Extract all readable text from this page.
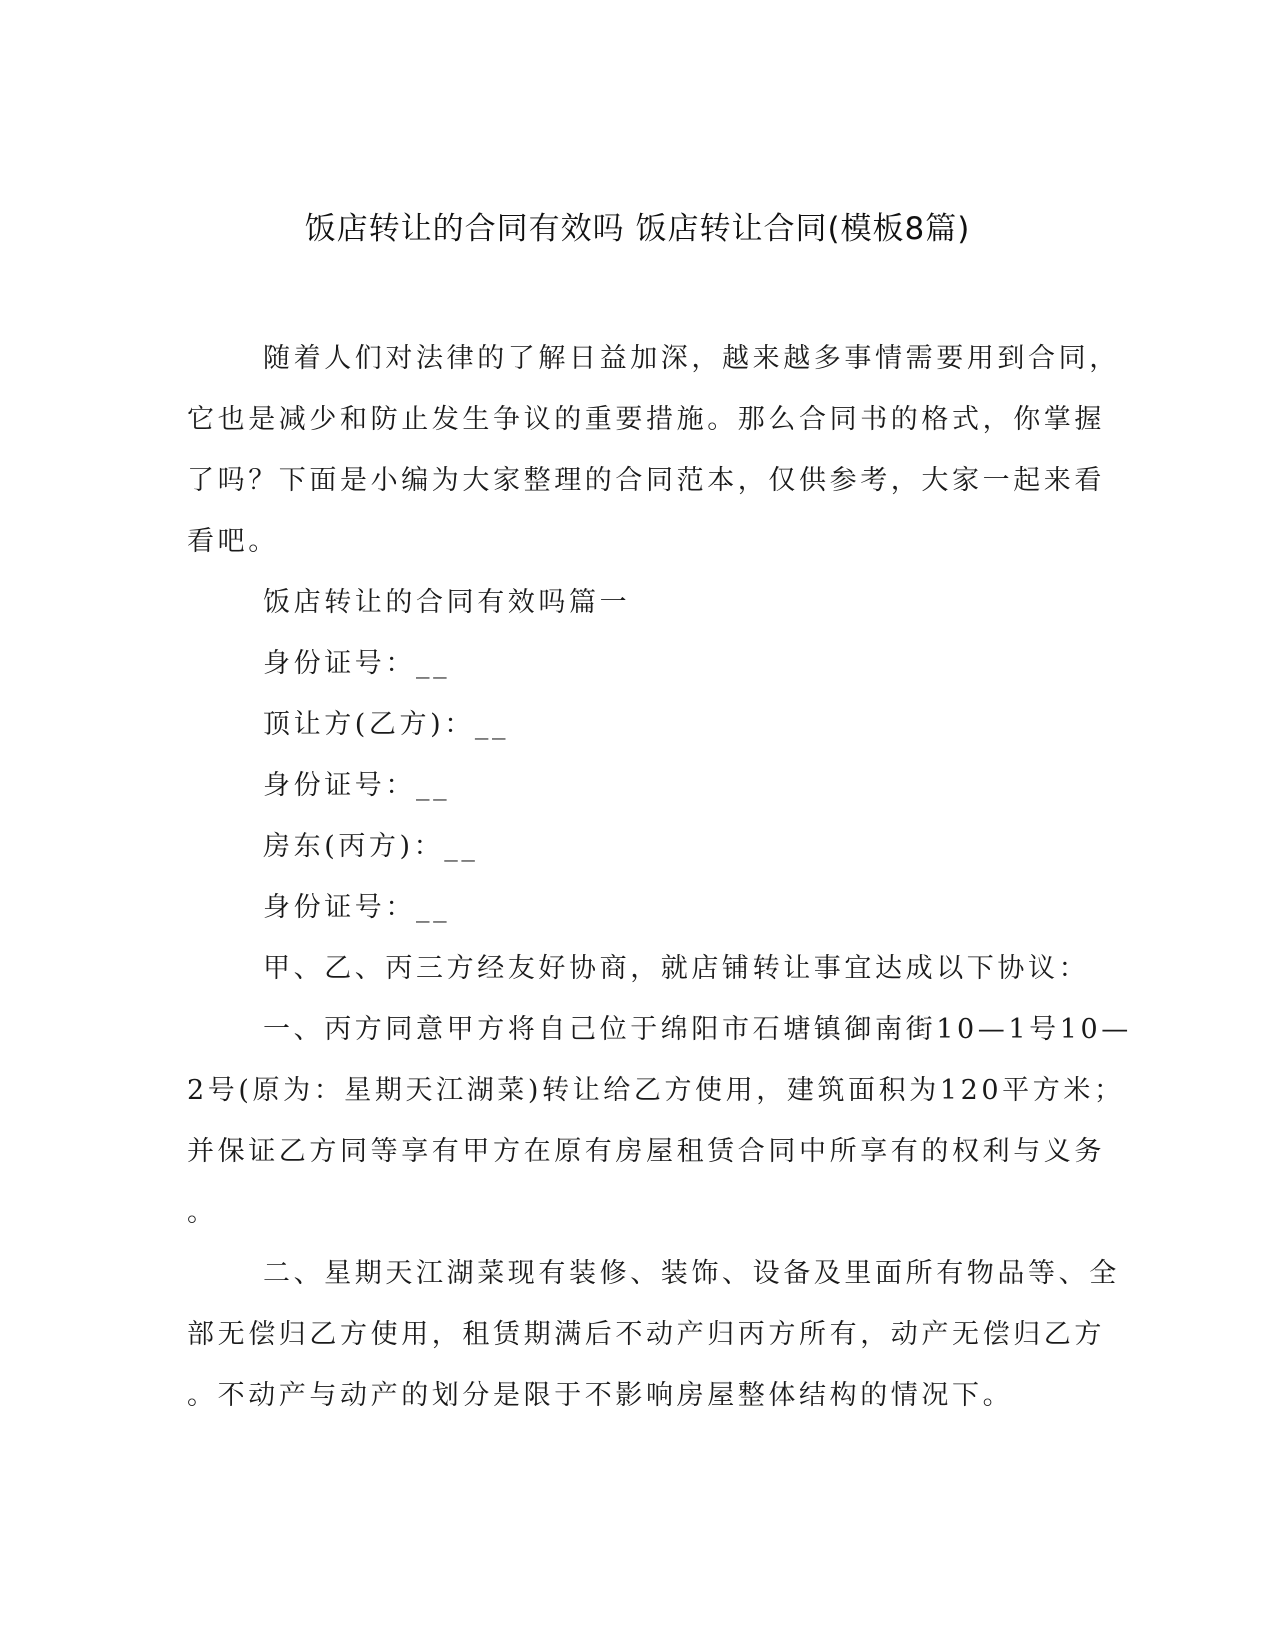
饭店转让的合同有效吗 饭店转让合同(模板8篇)

随着人们对法律的了解日益加深，越来越多事情需要用到合同，

它也是减少和防止发生争议的重要措施。那么合同书的格式，你掌握

了吗？下面是小编为大家整理的合同范本，仅供参考，大家一起来看

看吧。

饭店转让的合同有效吗篇一

身份证号：__

顶让方(乙方)：__

身份证号：__

房东(丙方)：__

身份证号：__

甲、乙、丙三方经友好协商，就店铺转让事宜达成以下协议：

一、丙方同意甲方将自己位于绵阳市石塘镇御南街10—1号10—

2号(原为：星期天江湖菜)转让给乙方使用，建筑面积为120平方米；

并保证乙方同等享有甲方在原有房屋租赁合同中所享有的权利与义务

。

二、星期天江湖菜现有装修、装饰、设备及里面所有物品等、全

部无偿归乙方使用，租赁期满后不动产归丙方所有，动产无偿归乙方

。不动产与动产的划分是限于不影响房屋整体结构的情况下。
